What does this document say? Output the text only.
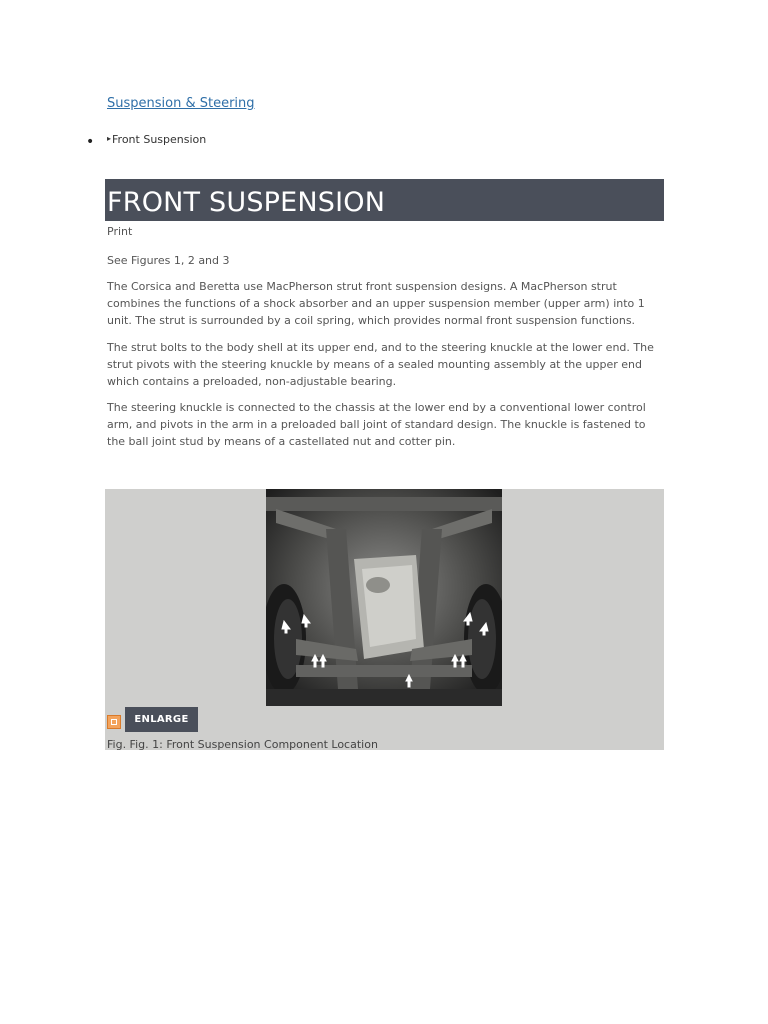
Suspension & Steering
• ▸Front Suspension
FRONT SUSPENSION
Print

See Figures 1, 2 and 3

The Corsica and Beretta use MacPherson strut front suspension designs. A MacPherson strut combines the functions of a shock absorber and an upper suspension member (upper arm) into 1 unit. The strut is surrounded by a coil spring, which provides normal front suspension functions.

The strut bolts to the body shell at its upper end, and to the steering knuckle at the lower end. The strut pivots with the steering knuckle by means of a sealed mounting assembly at the upper end which contains a preloaded, non-adjustable bearing.

The steering knuckle is connected to the chassis at the lower end by a conventional lower control arm, and pivots in the arm in a preloaded ball joint of standard design. The knuckle is fastened to the ball joint stud by means of a castellated nut and cotter pin.

ENLARGE
Fig. Fig. 1: Front Suspension Component Location
